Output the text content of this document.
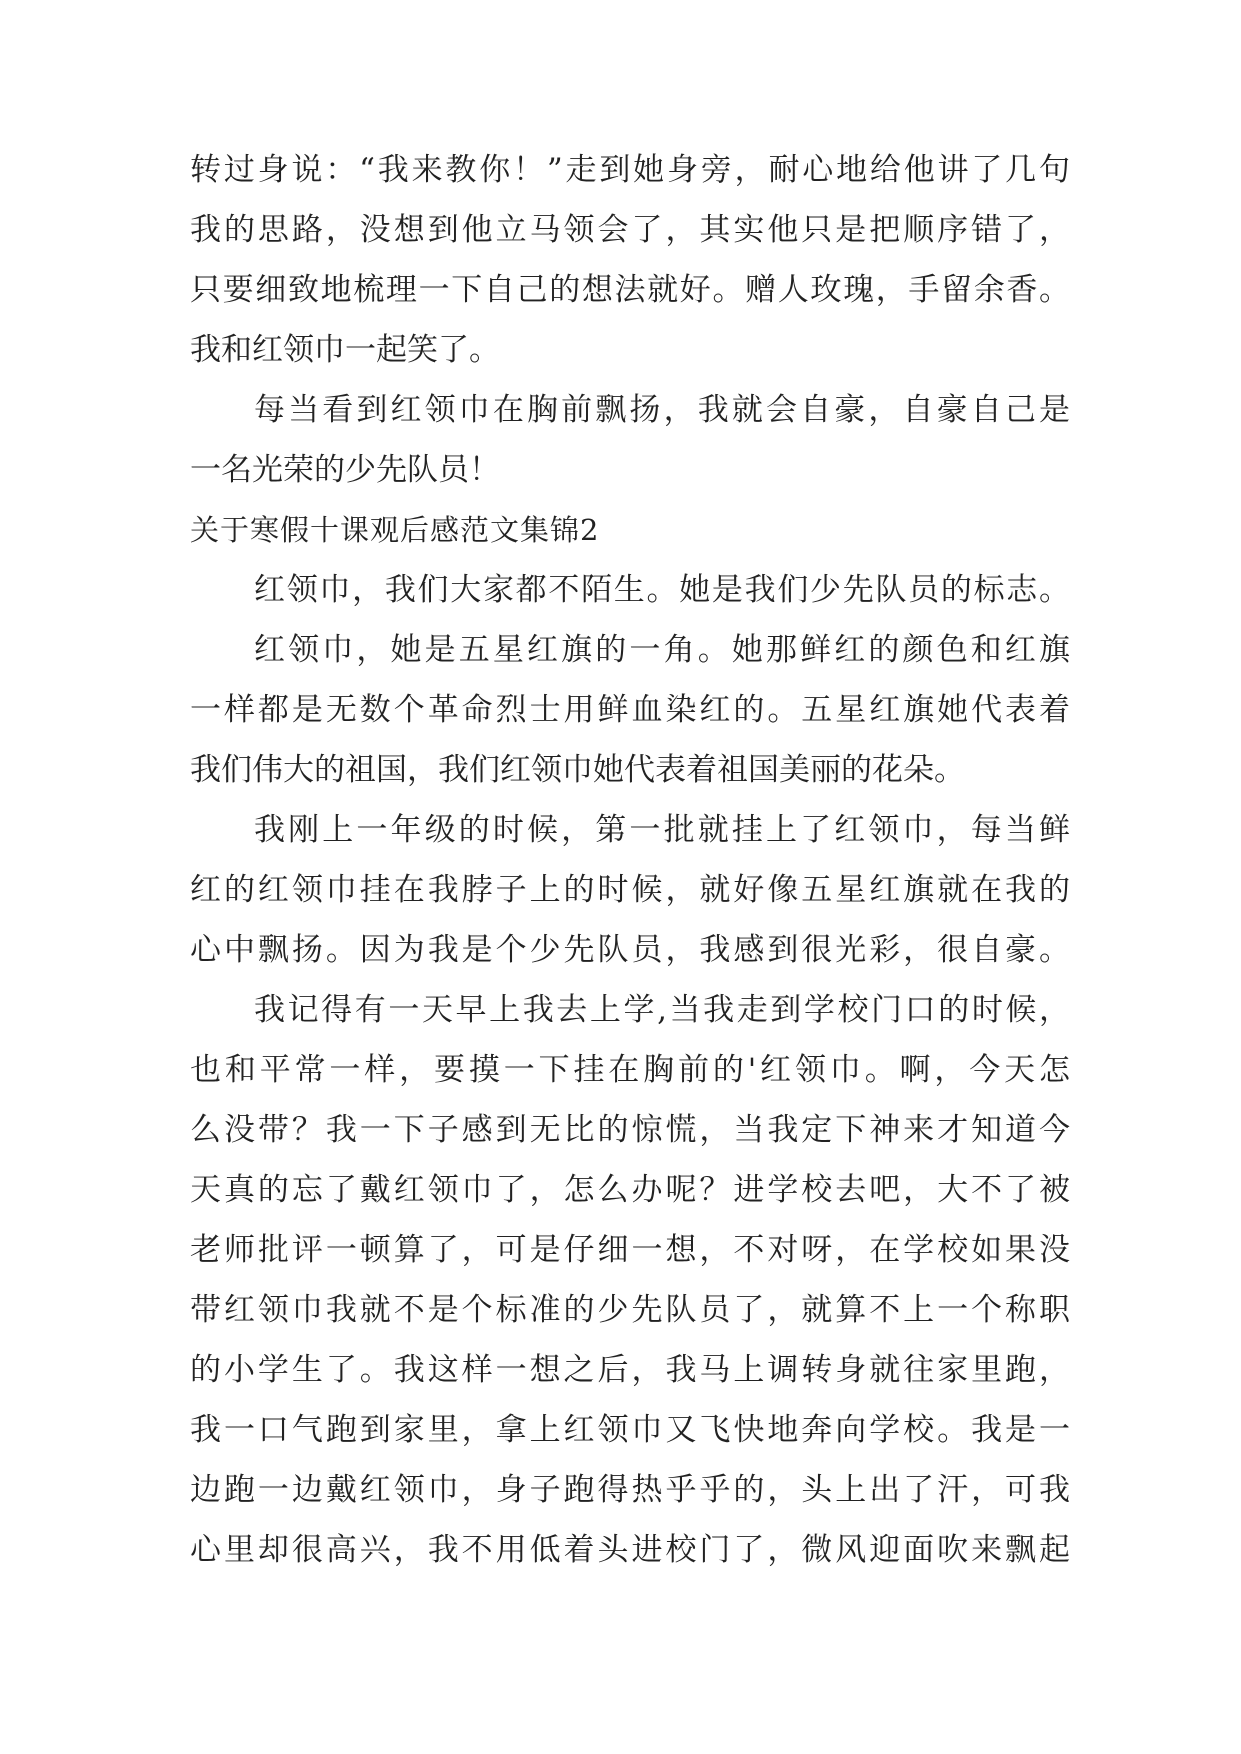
转过身说：“我来教你！”走到她身旁，耐心地给他讲了几句
我的思路，没想到他立马领会了，其实他只是把顺序错了，
只要细致地梳理一下自己的想法就好。赠人玫瑰，手留余香。
我和红领巾一起笑了。
每当看到红领巾在胸前飘扬，我就会自豪，自豪自己是
一名光荣的少先队员！
关于寒假十课观后感范文集锦2
红领巾，我们大家都不陌生。她是我们少先队员的标志。
红领巾，她是五星红旗的一角。她那鲜红的颜色和红旗
一样都是无数个革命烈士用鲜血染红的。五星红旗她代表着
我们伟大的祖国，我们红领巾她代表着祖国美丽的花朵。
我刚上一年级的时候，第一批就挂上了红领巾，每当鲜
红的红领巾挂在我脖子上的时候，就好像五星红旗就在我的
心中飘扬。因为我是个少先队员，我感到很光彩，很自豪。
我记得有一天早上我去上学,当我走到学校门口的时候，
也和平常一样，要摸一下挂在胸前的'红领巾。啊，今天怎
么没带？我一下子感到无比的惊慌，当我定下神来才知道今
天真的忘了戴红领巾了，怎么办呢？进学校去吧，大不了被
老师批评一顿算了，可是仔细一想，不对呀，在学校如果没
带红领巾我就不是个标准的少先队员了，就算不上一个称职
的小学生了。我这样一想之后，我马上调转身就往家里跑，
我一口气跑到家里，拿上红领巾又飞快地奔向学校。我是一
边跑一边戴红领巾，身子跑得热乎乎的，头上出了汗，可我
心里却很高兴，我不用低着头进校门了，微风迎面吹来飘起
